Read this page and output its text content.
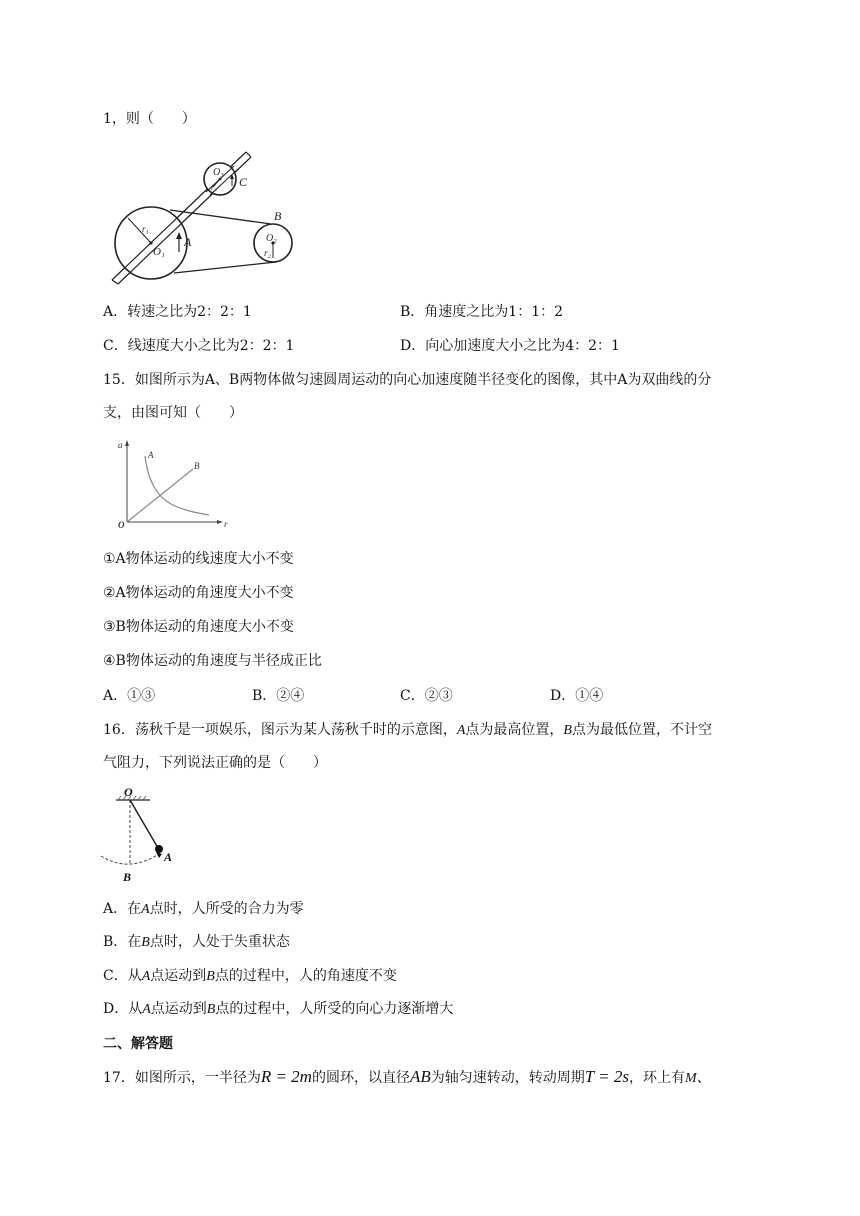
1，则（　　）
O₃
C
r₃
B
r₁
A
O₁
O₂
r₂
A．转速之比为2：2：1	B．角速度之比为1：1：2
C．线速度大小之比为2：2：1	D．向心加速度大小之比为4：2：1
15．如图所示为A、B两物体做匀速圆周运动的向心加速度随半径变化的图像，其中A为双曲线的分
支，由图可知（　　）
a
A
B
O	r
①A物体运动的线速度大小不变
②A物体运动的角速度大小不变
③B物体运动的角速度大小不变
④B物体运动的角速度与半径成正比
A．①③	B．②④	C．②③	D．①④
16．荡秋千是一项娱乐，图示为某人荡秋千时的示意图，A点为最高位置，B点为最低位置，不计空
气阻力，下列说法正确的是（　　）
O
A
B
A．在A点时，人所受的合力为零
B．在B点时，人处于失重状态
C．从A点运动到B点的过程中，人的角速度不变
D．从A点运动到B点的过程中，人所受的向心力逐渐增大
二、解答题
17．如图所示，一半径为R = 2m的圆环，以直径AB为轴匀速转动，转动周期T = 2s，环上有M、
